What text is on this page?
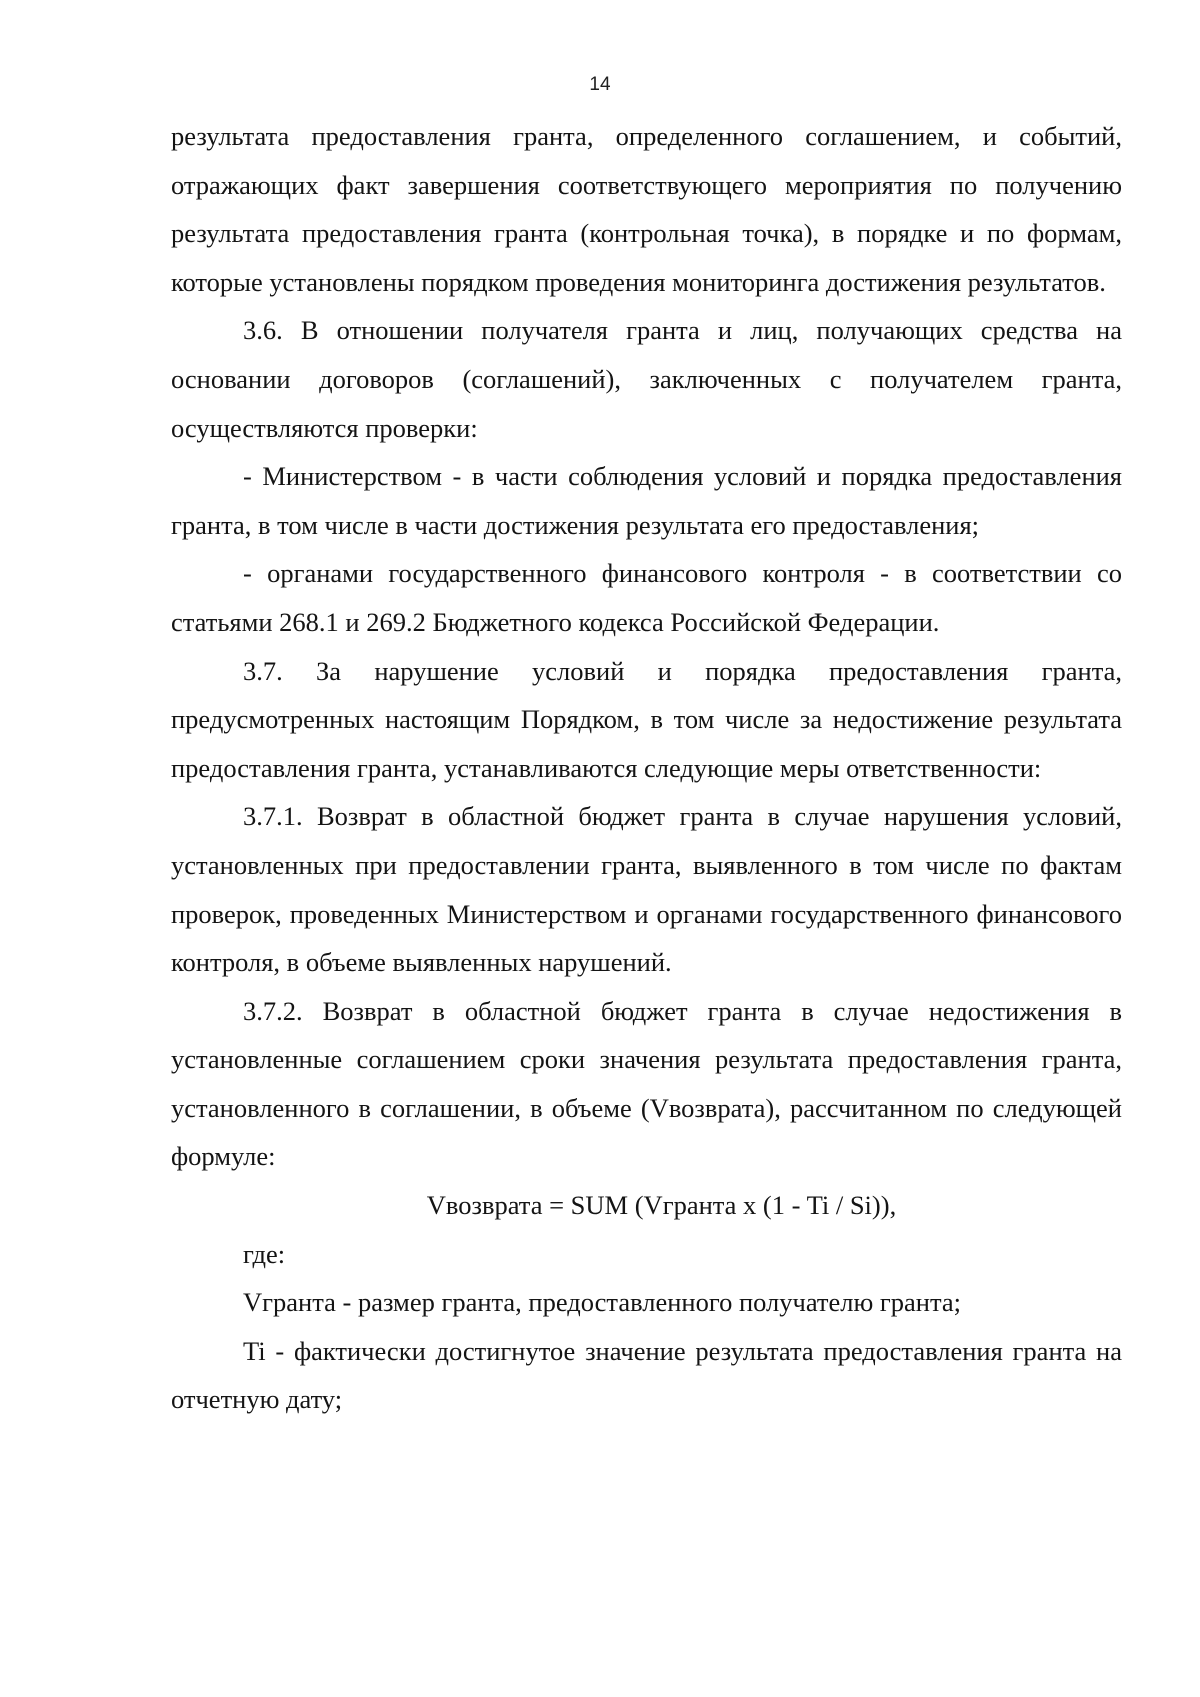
14

результата предоставления гранта, определенного соглашением, и событий, отражающих факт завершения соответствующего мероприятия по получению результата предоставления гранта (контрольная точка), в порядке и по формам, которые установлены порядком проведения мониторинга достижения результатов.

3.6. В отношении получателя гранта и лиц, получающих средства на основании договоров (соглашений), заключенных с получателем гранта, осуществляются проверки:

- Министерством - в части соблюдения условий и порядка предоставления гранта, в том числе в части достижения результата его предоставления;

- органами государственного финансового контроля - в соответствии со статьями 268.1 и 269.2 Бюджетного кодекса Российской Федерации.

3.7. За нарушение условий и порядка предоставления гранта, предусмотренных настоящим Порядком, в том числе за недостижение результата предоставления гранта, устанавливаются следующие меры ответственности:

3.7.1. Возврат в областной бюджет гранта в случае нарушения условий, установленных при предоставлении гранта, выявленного в том числе по фактам проверок, проведенных Министерством и органами государственного финансового контроля, в объеме выявленных нарушений.

3.7.2. Возврат в областной бюджет гранта в случае недостижения в установленные соглашением сроки значения результата предоставления гранта, установленного в соглашении, в объеме (Vвозврата), рассчитанном по следующей формуле:

Vвозврата = SUM (Vгранта x (1 - Ti / Si)),

где:

Vгранта - размер гранта, предоставленного получателю гранта;

Ti - фактически достигнутое значение результата предоставления гранта на отчетную дату;
